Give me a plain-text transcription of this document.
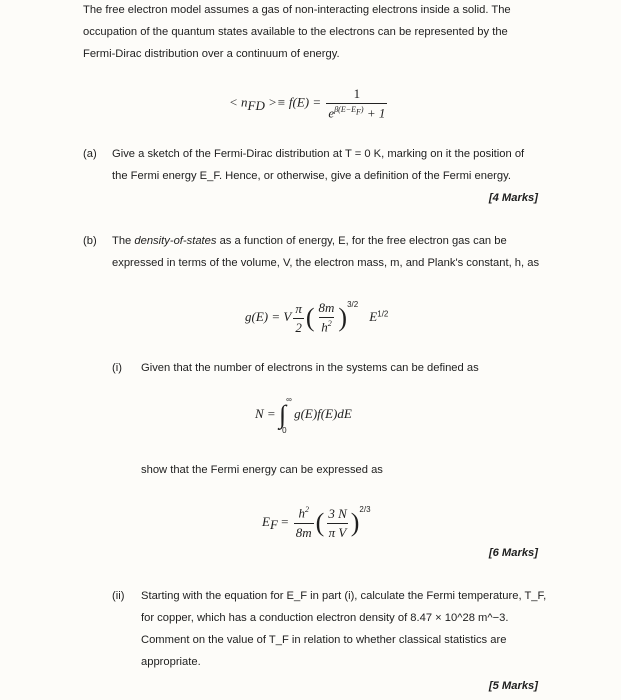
The free electron model assumes a gas of non-interacting electrons inside a solid. The
occupation of the quantum states available to the electrons can be represented by the
Fermi-Dirac distribution over a continuum of energy.
< $n_{FD} >\equiv f(E) = \frac{1}{e^{\beta(E-E_F)} + 1}$
(a) Give a sketch of the Fermi-Dirac distribution at T = 0 K, marking on it the position of
the Fermi energy E_F. Hence, or otherwise, give a definition of the Fermi energy.
[4 Marks]
(b) The density-of-states as a function of energy, E, for the free electron gas can be
expressed in terms of the volume, V, the electron mass, m, and Plank's constant, h, as
g(E) = V $\frac{\pi}{2}$ ( $\frac{8m}{h^2} )^{3/2}$ $E^{1/2}$
(i) Given that the number of electrons in the systems can be defined as
N = ∫
∞
0
g(E)f(E)dE
show that the Fermi energy can be expressed as
$E_F = \frac{h^2}{8m}$ ( $\frac{3 N}{\text{π V}} )^{2/3}$
[6 Marks]
(ii) Starting with the equation for E_F in part (i), calculate the Fermi temperature, T_F,
for copper, which has a conduction electron density of 8.47 × 10^28 m^−3.
Comment on the value of T_F in relation to whether classical statistics are
appropriate.
[5 Marks]
